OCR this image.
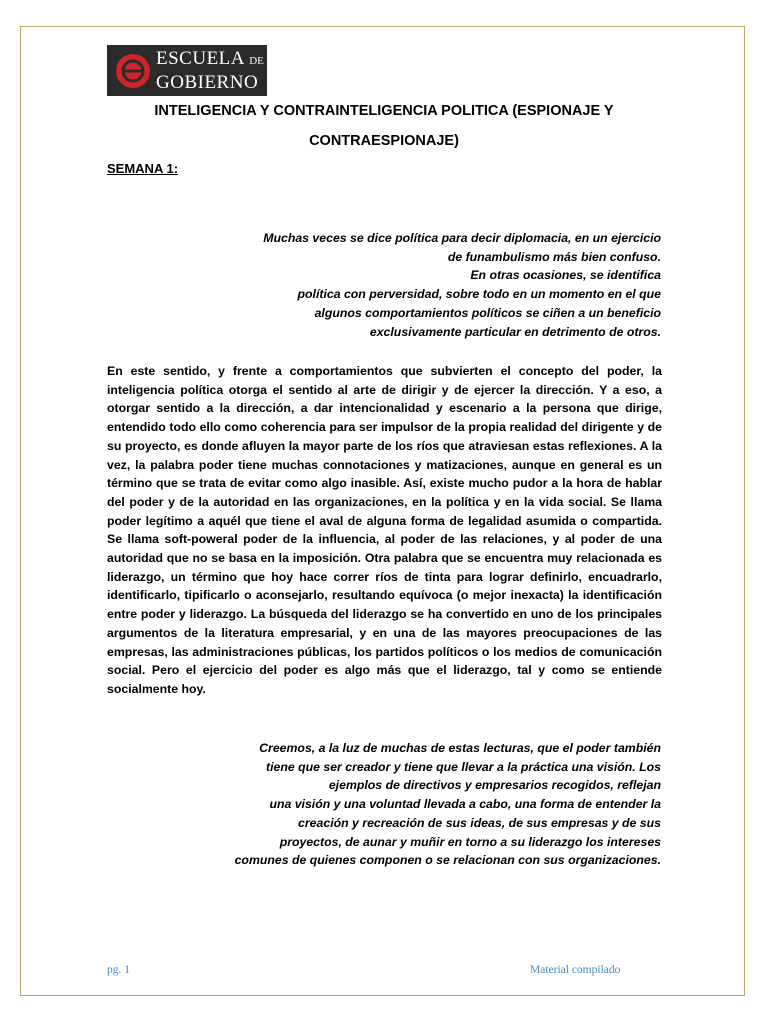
ESCUELA DE
GOBIERNO
INTELIGENCIA Y CONTRAINTELIGENCIA POLITICA (ESPIONAJE Y CONTRAESPIONAJE)
SEMANA 1:
Muchas veces se dice política para decir diplomacia, en un ejercicio
de funambulismo más bien confuso.
En otras ocasiones, se identifica
política con perversidad, sobre todo en un momento en el que
algunos comportamientos políticos se ciñen a un beneficio
exclusivamente particular en detrimento de otros.
En este sentido, y frente a comportamientos que subvierten el concepto del poder, la inteligencia política otorga el sentido al arte de dirigir y de ejercer la dirección. Y a eso, a otorgar sentido a la dirección, a dar intencionalidad y escenario a la persona que dirige, entendido todo ello como coherencia para ser impulsor de la propia realidad del dirigente y de su proyecto, es donde afluyen la mayor parte de los ríos que atraviesan estas reflexiones. A la vez, la palabra poder tiene muchas connotaciones y matizaciones, aunque en general es un término que se trata de evitar como algo inasible. Así, existe mucho pudor a la hora de hablar del poder y de la autoridad en las organizaciones, en la política y en la vida social. Se llama poder legítimo a aquél que tiene el aval de alguna forma de legalidad asumida o compartida. Se llama soft-poweral poder de la influencia, al poder de las relaciones, y al poder de una autoridad que no se basa en la imposición. Otra palabra que se encuentra muy relacionada es liderazgo, un término que hoy hace correr ríos de tinta para lograr definirlo, encuadrarlo, identificarlo, tipificarlo o aconsejarlo, resultando equívoca (o mejor inexacta) la identificación entre poder y liderazgo. La búsqueda del liderazgo se ha convertido en uno de los principales argumentos de la literatura empresarial, y en una de las mayores preocupaciones de las empresas, las administraciones públicas, los partidos políticos o los medios de comunicación social. Pero el ejercicio del poder es algo más que el liderazgo, tal y como se entiende socialmente hoy.
Creemos, a la luz de muchas de estas lecturas, que el poder también
tiene que ser creador y tiene que llevar a la práctica una visión. Los
ejemplos de directivos y empresarios recogidos, reflejan
una visión y una voluntad llevada a cabo, una forma de entender la
creación y recreación de sus ideas, de sus empresas y de sus
proyectos, de aunar y muñir en torno a su liderazgo los intereses
comunes de quienes componen o se relacionan con sus organizaciones.
pg. 1	Material compilado
